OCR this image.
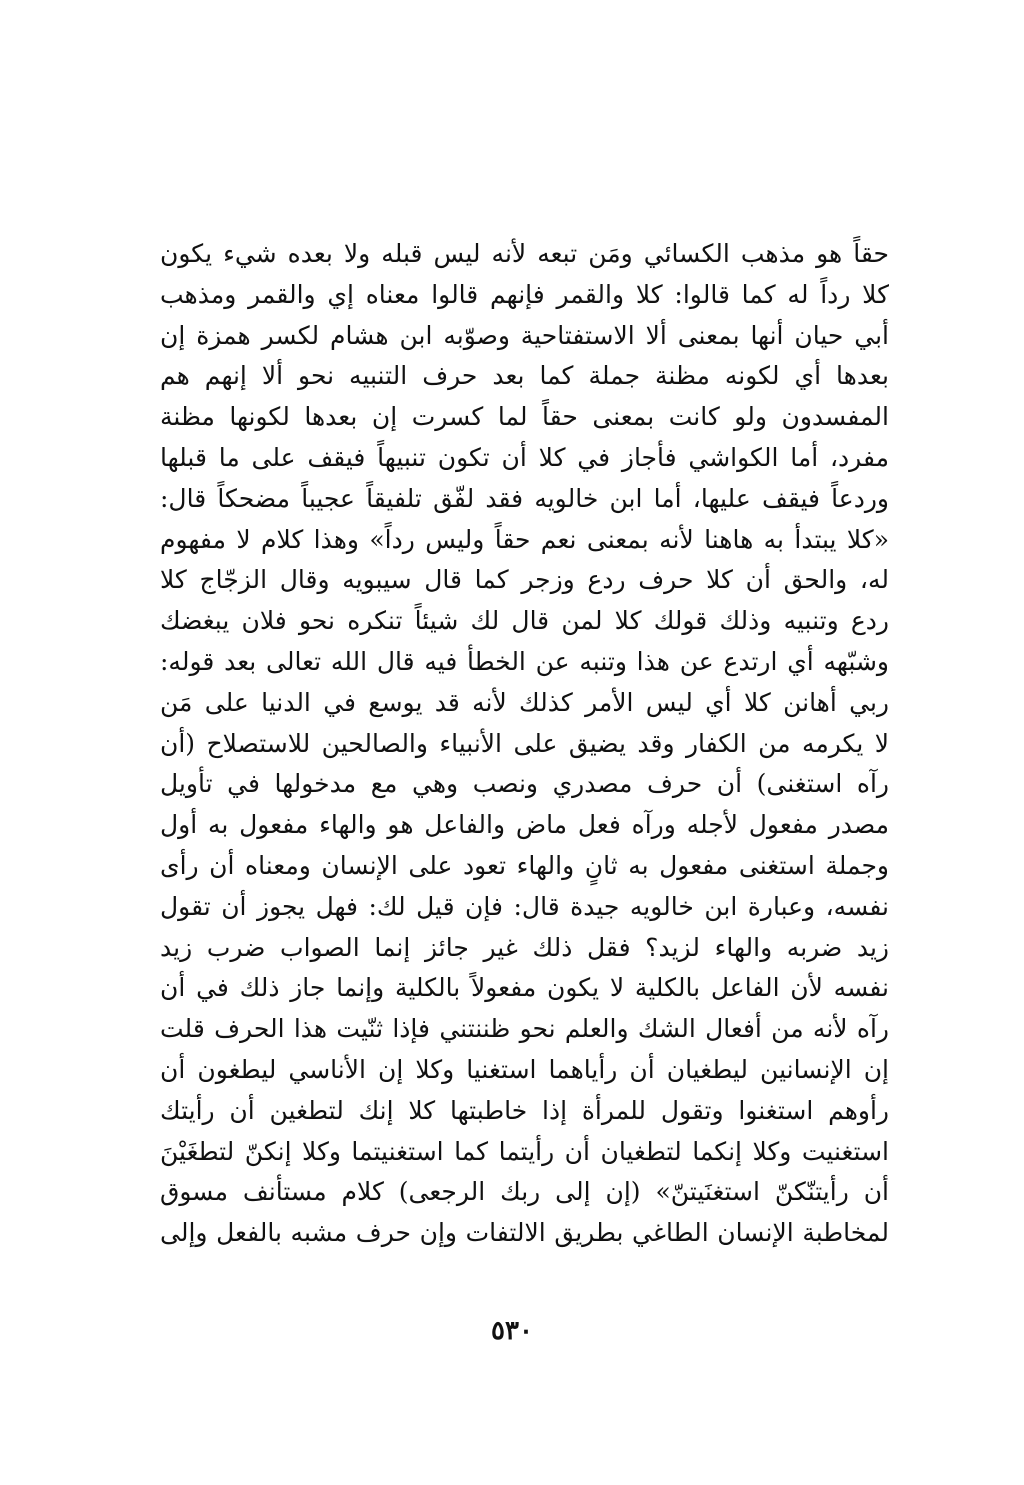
حقاً هو مذهب الكسائي ومَن تبعه لأنه ليس قبله ولا بعده شيء يكون
كلا رداً له كما قالوا: كلا والقمر فإنهم قالوا معناه إي والقمر ومذهب
أبي حيان أنها بمعنى ألا الاستفتاحية وصوّبه ابن هشام لكسر همزة إن
بعدها أي لكونه مظنة جملة كما بعد حرف التنبيه نحو ألا إنهم هم
المفسدون ولو كانت بمعنى حقاً لما كسرت إن بعدها لكونها مظنة
مفرد، أما الكواشي فأجاز في كلا أن تكون تنبيهاً فيقف على ما قبلها
وردعاً فيقف عليها، أما ابن خالويه فقد لفّق تلفيقاً عجيباً مضحكاً قال:
«كلا يبتدأ به هاهنا لأنه بمعنى نعم حقاً وليس رداً» وهذا كلام لا مفهوم
له، والحق أن كلا حرف ردع وزجر كما قال سيبويه وقال الزجّاج كلا
ردع وتنبيه وذلك قولك كلا لمن قال لك شيئاً تنكره نحو فلان يبغضك
وشبّهه أي ارتدع عن هذا وتنبه عن الخطأ فيه قال الله تعالى بعد قوله:
ربي أهانن كلا أي ليس الأمر كذلك لأنه قد يوسع في الدنيا على مَن
لا يكرمه من الكفار وقد يضيق على الأنبياء والصالحين للاستصلاح (أن
رآه استغنى) أن حرف مصدري ونصب وهي مع مدخولها في تأويل
مصدر مفعول لأجله ورآه فعل ماض والفاعل هو والهاء مفعول به أول
وجملة استغنى مفعول به ثانٍ والهاء تعود على الإنسان ومعناه أن رأى
نفسه، وعبارة ابن خالويه جيدة قال: فإن قيل لك: فهل يجوز أن تقول
زيد ضربه والهاء لزيد؟ فقل ذلك غير جائز إنما الصواب ضرب زيد
نفسه لأن الفاعل بالكلية لا يكون مفعولاً بالكلية وإنما جاز ذلك في أن
رآه لأنه من أفعال الشك والعلم نحو ظننتني فإذا ثنّيت هذا الحرف قلت
إن الإنسانين ليطغيان أن رأياهما استغنيا وكلا إن الأناسي ليطغون أن
رأوهم استغنوا وتقول للمرأة إذا خاطبتها كلا إنك لتطغين أن رأيتك
استغنيت وكلا إنكما لتطغيان أن رأيتما كما استغنيتما وكلا إنكنّ لتطغَيْنَ
أن رأيتنّكنّ استغنَيتنّ» (إن إلى ربك الرجعى) كلام مستأنف مسوق
لمخاطبة الإنسان الطاغي بطريق الالتفات وإن حرف مشبه بالفعل وإلى
٥٣٠
